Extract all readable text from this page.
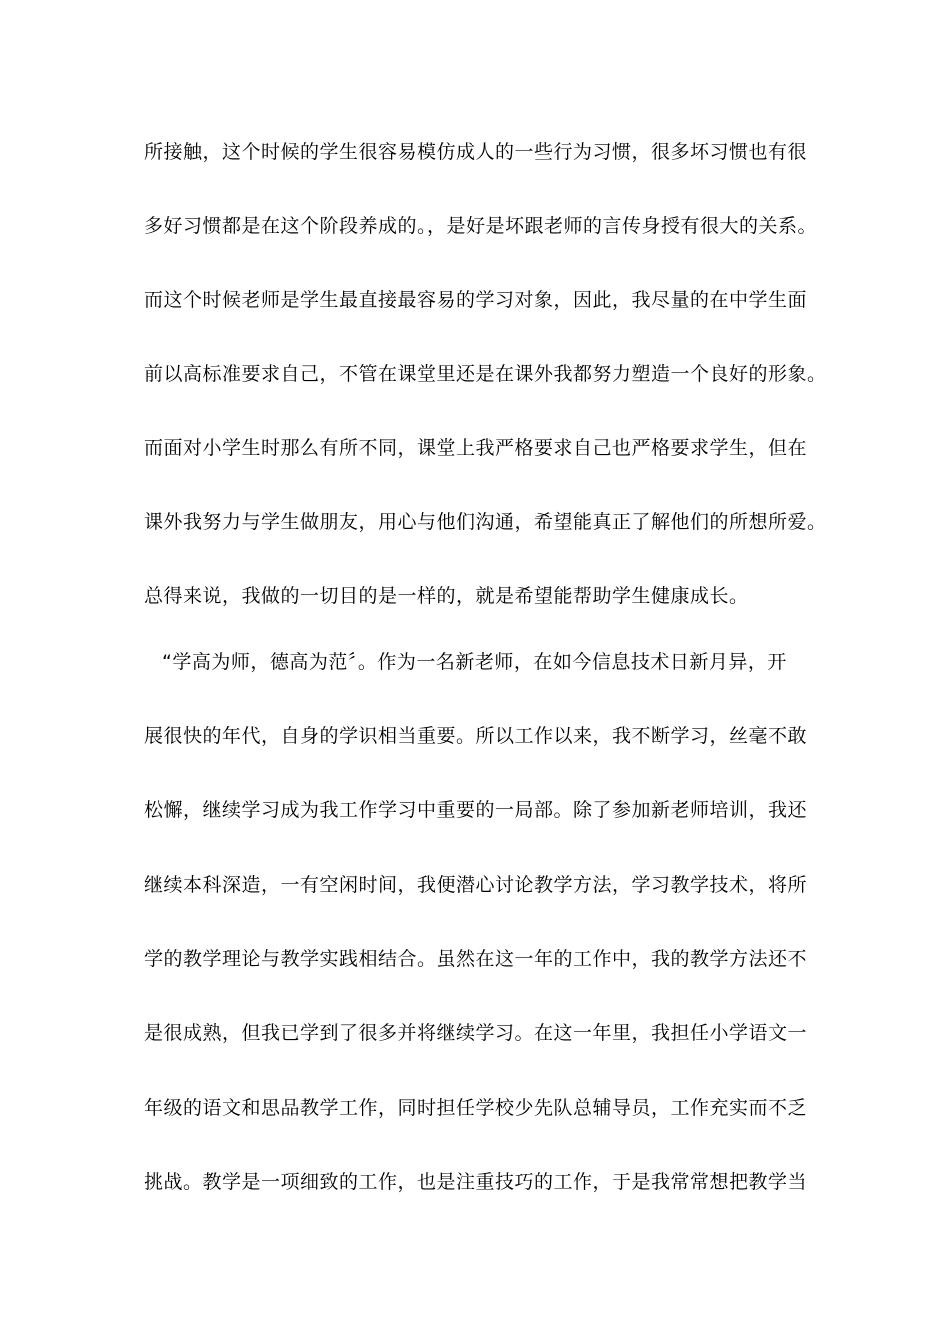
所接触，这个时候的学生很容易模仿成人的一些行为习惯，很多坏习惯也有很
多好习惯都是在这个阶段养成的。，是好是坏跟老师的言传身授有很大的关系。
而这个时候老师是学生最直接最容易的学习对象，因此，我尽量的在中学生面
前以高标准要求自己，不管在课堂里还是在课外我都努力塑造一个良好的形象。
而面对小学生时那么有所不同，课堂上我严格要求自己也严格要求学生，但在
课外我努力与学生做朋友，用心与他们沟通，希望能真正了解他们的所想所爱。
总得来说，我做的一切目的是一样的，就是希望能帮助学生健康成长。
“学高为师，德高为范〞。作为一名新老师，在如今信息技术日新月异，开
展很快的年代，自身的学识相当重要。所以工作以来，我不断学习，丝毫不敢
松懈，继续学习成为我工作学习中重要的一局部。除了参加新老师培训，我还
继续本科深造，一有空闲时间，我便潜心讨论教学方法，学习教学技术，将所
学的教学理论与教学实践相结合。虽然在这一年的工作中，我的教学方法还不
是很成熟，但我已学到了很多并将继续学习。在这一年里，我担任小学语文一
年级的语文和思品教学工作，同时担任学校少先队总辅导员，工作充实而不乏
挑战。教学是一项细致的工作，也是注重技巧的工作，于是我常常想把教学当
